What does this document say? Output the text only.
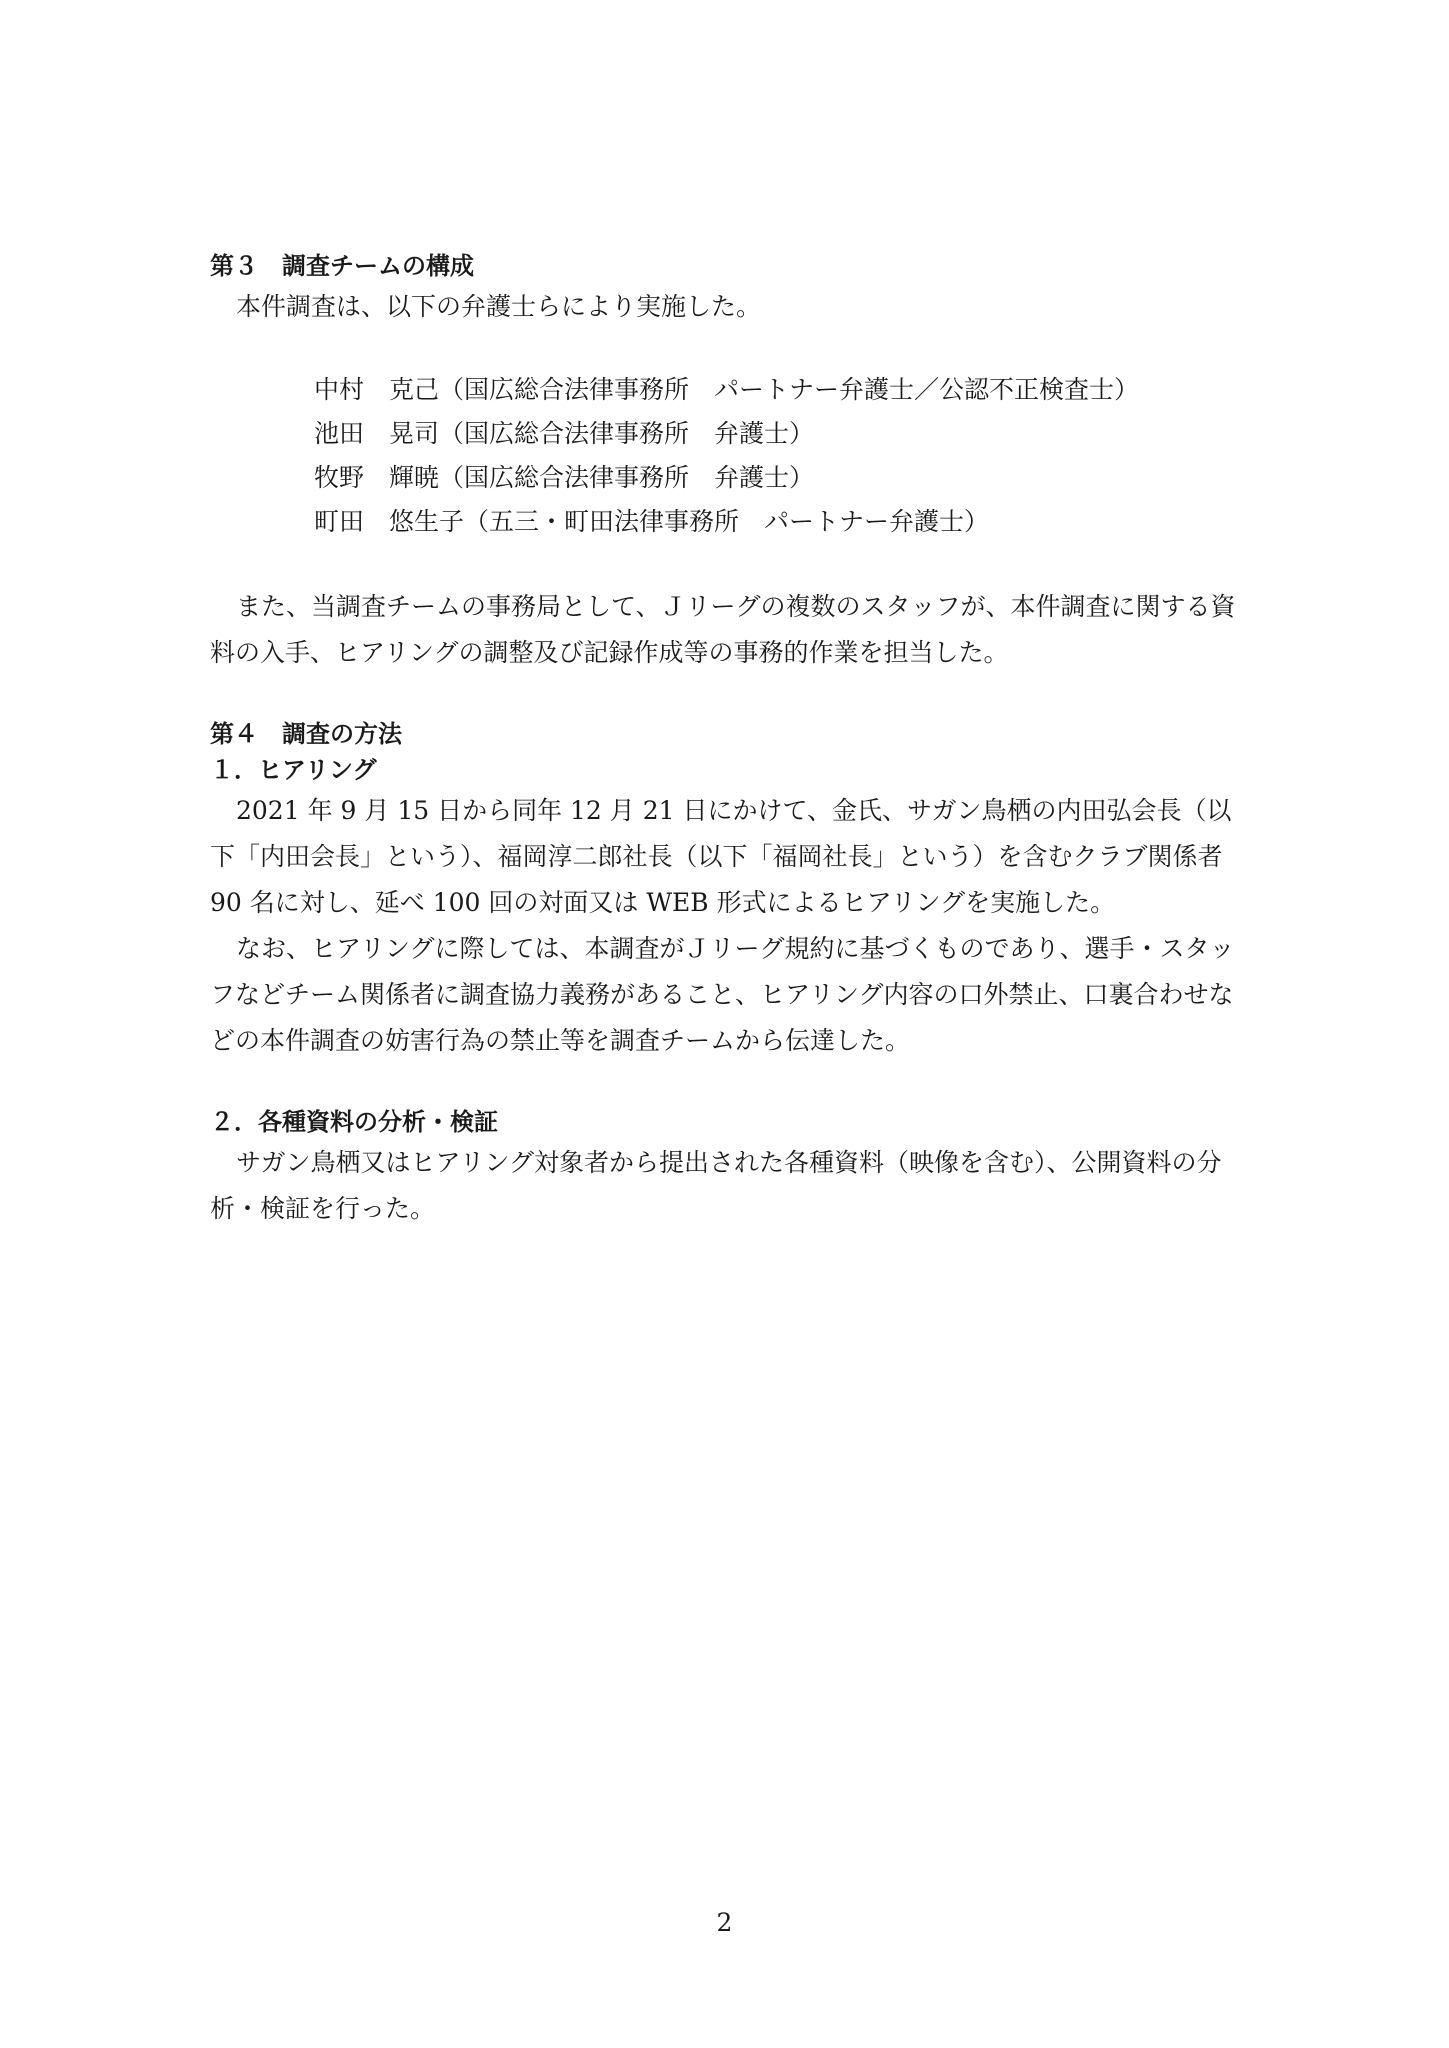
第３　調査チームの構成

本件調査は、以下の弁護士らにより実施した。

中村　克己（国広総合法律事務所　パートナー弁護士／公認不正検査士）
池田　晃司（国広総合法律事務所　弁護士）
牧野　輝暁（国広総合法律事務所　弁護士）
町田　悠生子（五三・町田法律事務所　パートナー弁護士）

また、当調査チームの事務局として、Ｊリーグの複数のスタッフが、本件調査に関する資料の入手、ヒアリングの調整及び記録作成等の事務的作業を担当した。

第４　調査の方法
１．ヒアリング

2021 年 9 月 15 日から同年 12 月 21 日にかけて、金氏、サガン鳥栖の内田弘会長（以下「内田会長」という）、福岡淳二郎社長（以下「福岡社長」という）を含むクラブ関係者 90 名に対し、延べ 100 回の対面又は WEB 形式によるヒアリングを実施した。

なお、ヒアリングに際しては、本調査がＪリーグ規約に基づくものであり、選手・スタッフなどチーム関係者に調査協力義務があること、ヒアリング内容の口外禁止、口裏合わせなどの本件調査の妨害行為の禁止等を調査チームから伝達した。

２．各種資料の分析・検証

サガン鳥栖又はヒアリング対象者から提出された各種資料（映像を含む）、公開資料の分析・検証を行った。

2
